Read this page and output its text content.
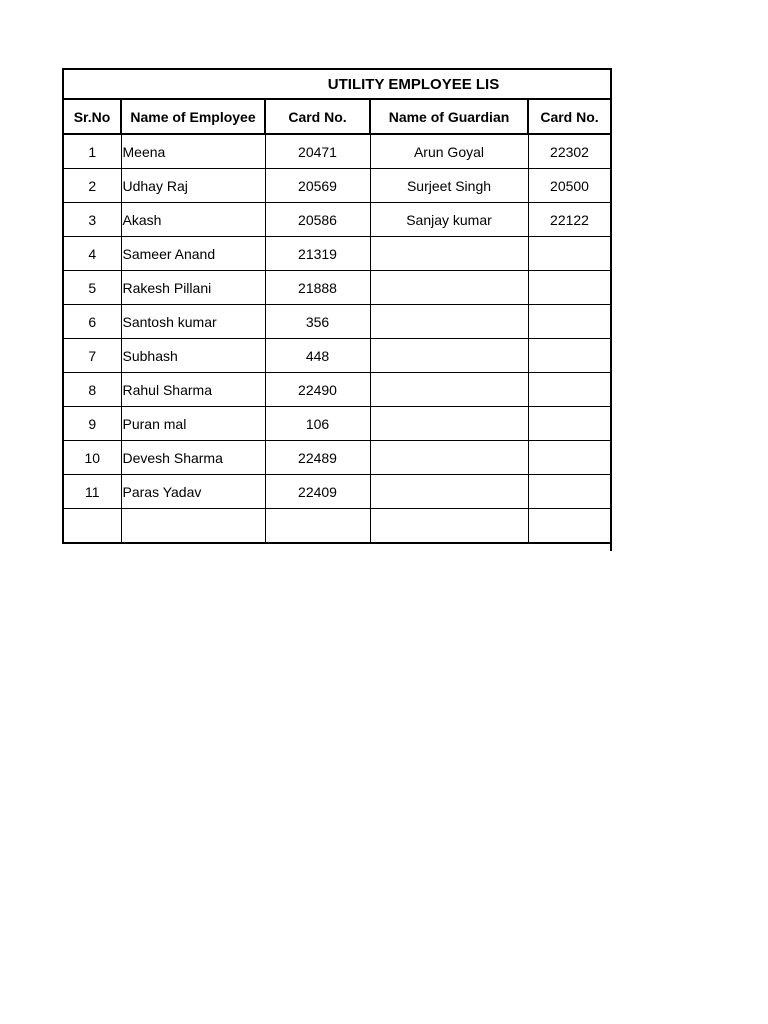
UTILITY EMPLOYEE LIS					
Sr.No	Name of Employee	Card No.	Name of Guardian	Card No.	
1	Meena	20471	Arun Goyal	22302	
2	Udhay Raj	20569	Surjeet Singh	20500	
3	Akash	20586	Sanjay kumar	22122	
4	Sameer Anand	21319			
5	Rakesh Pillani	21888			
6	Santosh kumar	356			
7	Subhash	448			
8	Rahul Sharma	22490			
9	Puran mal	106			
10	Devesh Sharma	22489			
11	Paras Yadav	22409			
